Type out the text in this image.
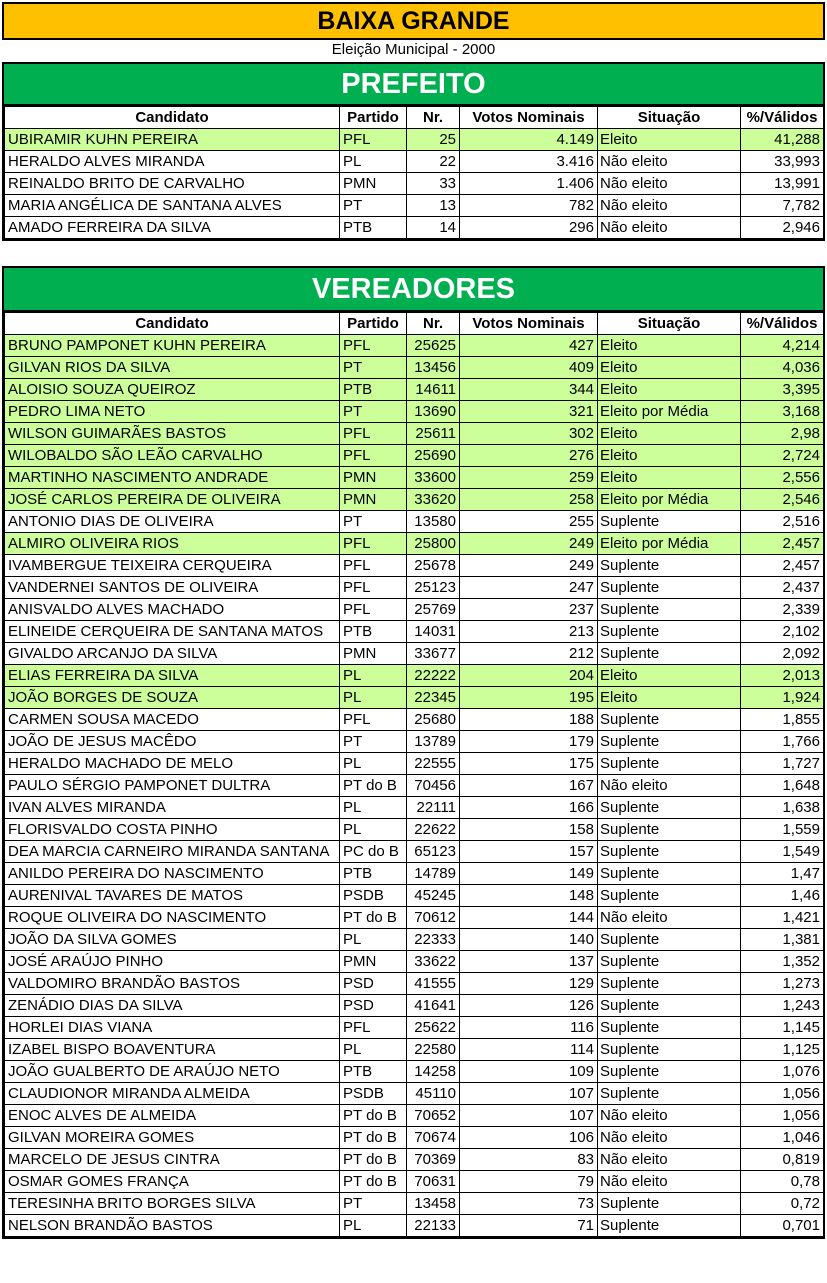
BAIXA GRANDE
Eleição Municipal - 2000
PREFEITO
Candidato	Partido	Nr.	Votos Nominais	Situação	%/Válidos
UBIRAMIR KUHN PEREIRA	PFL	25	4.149	Eleito	41,288
HERALDO ALVES MIRANDA	PL	22	3.416	Não eleito	33,993
REINALDO BRITO DE CARVALHO	PMN	33	1.406	Não eleito	13,991
MARIA ANGÉLICA DE SANTANA ALVES	PT	13	782	Não eleito	7,782
AMADO FERREIRA DA SILVA	PTB	14	296	Não eleito	2,946
VEREADORES
Candidato	Partido	Nr.	Votos Nominais	Situação	%/Válidos
BRUNO PAMPONET KUHN PEREIRA	PFL	25625	427	Eleito	4,214
GILVAN RIOS DA SILVA	PT	13456	409	Eleito	4,036
ALOISIO SOUZA QUEIROZ	PTB	14611	344	Eleito	3,395
PEDRO LIMA NETO	PT	13690	321	Eleito por Média	3,168
WILSON GUIMARÃES BASTOS	PFL	25611	302	Eleito	2,98
WILOBALDO SÃO LEÃO CARVALHO	PFL	25690	276	Eleito	2,724
MARTINHO NASCIMENTO ANDRADE	PMN	33600	259	Eleito	2,556
JOSÉ CARLOS PEREIRA DE OLIVEIRA	PMN	33620	258	Eleito por Média	2,546
ANTONIO DIAS DE OLIVEIRA	PT	13580	255	Suplente	2,516
ALMIRO OLIVEIRA RIOS	PFL	25800	249	Eleito por Média	2,457
IVAMBERGUE TEIXEIRA CERQUEIRA	PFL	25678	249	Suplente	2,457
VANDERNEI SANTOS DE OLIVEIRA	PFL	25123	247	Suplente	2,437
ANISVALDO ALVES MACHADO	PFL	25769	237	Suplente	2,339
ELINEIDE CERQUEIRA DE SANTANA MATOS	PTB	14031	213	Suplente	2,102
GIVALDO ARCANJO DA SILVA	PMN	33677	212	Suplente	2,092
ELIAS FERREIRA DA SILVA	PL	22222	204	Eleito	2,013
JOÃO BORGES DE SOUZA	PL	22345	195	Eleito	1,924
CARMEN SOUSA MACEDO	PFL	25680	188	Suplente	1,855
JOÃO DE JESUS MACÊDO	PT	13789	179	Suplente	1,766
HERALDO MACHADO DE MELO	PL	22555	175	Suplente	1,727
PAULO SÉRGIO PAMPONET DULTRA	PT do B	70456	167	Não eleito	1,648
IVAN ALVES MIRANDA	PL	22111	166	Suplente	1,638
FLORISVALDO COSTA PINHO	PL	22622	158	Suplente	1,559
DEA MARCIA CARNEIRO MIRANDA SANTANA	PC do B	65123	157	Suplente	1,549
ANILDO PEREIRA DO NASCIMENTO	PTB	14789	149	Suplente	1,47
AURENIVAL TAVARES DE MATOS	PSDB	45245	148	Suplente	1,46
ROQUE OLIVEIRA DO NASCIMENTO	PT do B	70612	144	Não eleito	1,421
JOÃO DA SILVA GOMES	PL	22333	140	Suplente	1,381
JOSÉ ARAÚJO PINHO	PMN	33622	137	Suplente	1,352
VALDOMIRO BRANDÃO BASTOS	PSD	41555	129	Suplente	1,273
ZENÁDIO DIAS DA SILVA	PSD	41641	126	Suplente	1,243
HORLEI DIAS VIANA	PFL	25622	116	Suplente	1,145
IZABEL BISPO BOAVENTURA	PL	22580	114	Suplente	1,125
JOÃO GUALBERTO DE ARAÚJO NETO	PTB	14258	109	Suplente	1,076
CLAUDIONOR MIRANDA ALMEIDA	PSDB	45110	107	Suplente	1,056
ENOC ALVES DE ALMEIDA	PT do B	70652	107	Não eleito	1,056
GILVAN MOREIRA GOMES	PT do B	70674	106	Não eleito	1,046
MARCELO DE JESUS CINTRA	PT do B	70369	83	Não eleito	0,819
OSMAR GOMES FRANÇA	PT do B	70631	79	Não eleito	0,78
TERESINHA BRITO BORGES SILVA	PT	13458	73	Suplente	0,72
NELSON BRANDÃO BASTOS	PL	22133	71	Suplente	0,701
